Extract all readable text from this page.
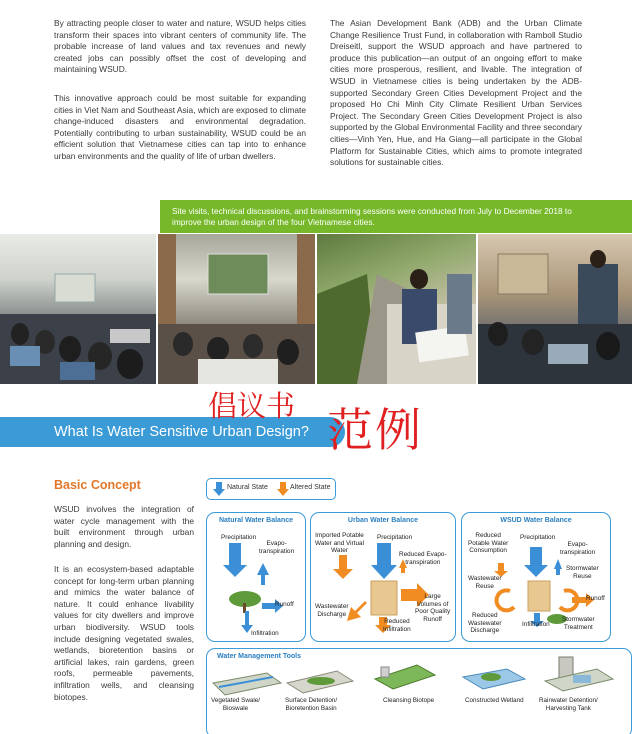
By attracting people closer to water and nature, WSUD helps cities transform their spaces into vibrant centers of community life. The probable increase of land values and tax revenues and newly created jobs can possibly offset the cost of developing and maintaining WSUD.

This innovative approach could be most suitable for expanding cities in Viet Nam and Southeast Asia, which are exposed to climate change-induced disasters and environmental degradation. Potentially contributing to urban sustainability, WSUD could be an efficient solution that Vietnamese cities can tap into to enhance urban environments and the quality of life of urban dwellers.

The Asian Development Bank (ADB) and the Urban Climate Change Resilience Trust Fund, in collaboration with Ramboll Studio Dreiseitl, support the WSUD approach and have partnered to produce this publication—an output of an ongoing effort to make cities more prosperous, resilient, and livable. The integration of WSUD in Vietnamese cities is being undertaken by the ADB-supported Secondary Green Cities Development Project and the proposed Ho Chi Minh City Climate Resilient Urban Services Project. The Secondary Green Cities Development Project is also supported by the Global Environmental Facility and three secondary cities—Vinh Yen, Hue, and Ha Giang—all participate in the Global Platform for Sustainable Cities, which aims to promote integrated solutions for sustainable cities.

Site visits, technical discussions, and brainstorming sessions were conducted from July to December 2018 to improve the urban design of the four Vietnamese cities.

What Is Water Sensitive Urban Design?
倡议书 范例
Basic Concept

WSUD involves the integration of water cycle management with the built environment through urban planning and design.

It is an ecosystem-based adaptable concept for long-term urban planning and mimics the water balance of nature. It could enhance livability values for city dwellers and improve urban biodiversity. WSUD tools include designing vegetated swales, wetlands, bioretention basins or artificial lakes, rain gardens, green roofs, permeable pavements, infiltration wells, and cleansing biotopes.

Natural State	Altered State
Natural Water Balance
Precipitation
Evapo-
transpiration
Runoff
Infiltration
Urban Water Balance
Imported Potable
Water and Virtual
Water
Precipitation
Reduced Evapo-
transpiration
Large
Volumes of
Poor Quality
Runoff
Wastewater
Discharge
Reduced
Infiltration
WSUD Water Balance
Reduced
Potable Water
Consumption
Precipitation
Evapo-
transpiration
Wastewater
Reuse
Stormwater
Reuse
Runoff
Reduced
Wastewater
Discharge
Infiltration
Stormwater
Treatment
Water Management Tools
Vegetated Swale/
Bioswale
Surface Detention/
Bioretention Basin
Cleansing Biotope	Constructed Wetland Rainwater Detention/
Harvesting Tank
